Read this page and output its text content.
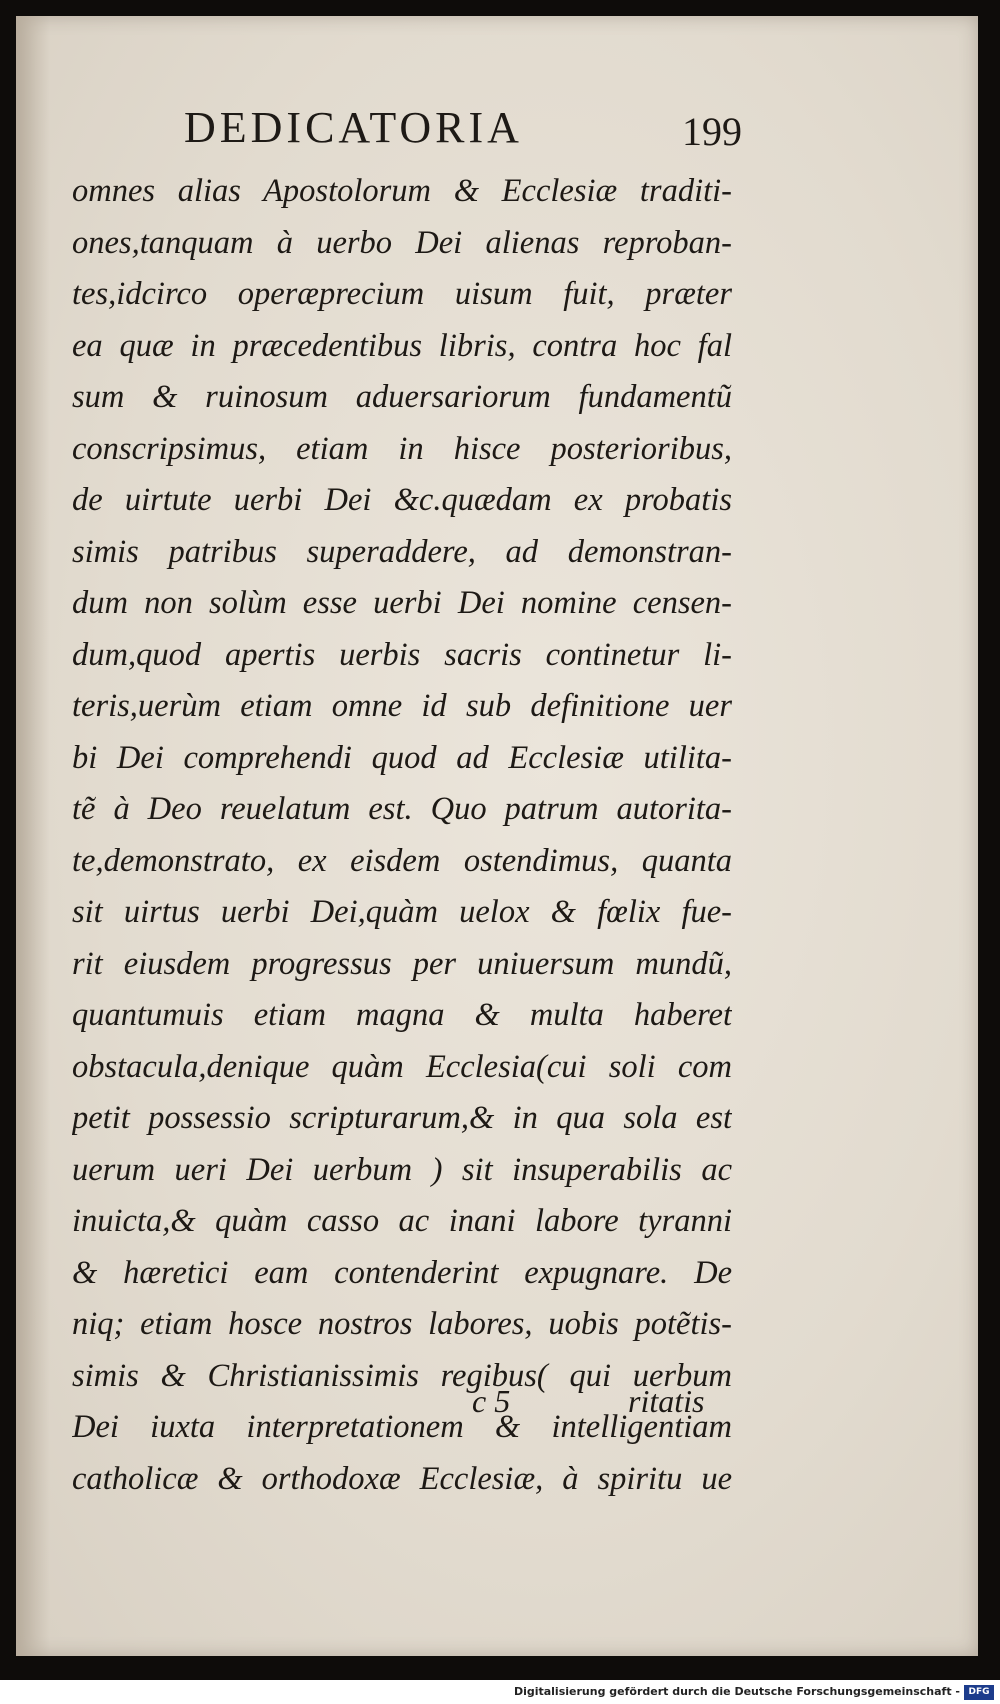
DEDICATORIA	199
omnes alias Apostolorum & Ecclesiæ traditi-
ones,tanquam à uerbo Dei alienas reproban-
tes,idcirco operæprecium uisum fuit, præter
ea quæ in præcedentibus libris, contra hoc fal
sum & ruinosum aduersariorum fundamentũ
conscripsimus, etiam in hisce posterioribus,
de uirtute uerbi Dei &c.quædam ex probatis
simis patribus superaddere, ad demonstran-
dum non solùm esse uerbi Dei nomine censen-
dum,quod apertis uerbis sacris continetur li-
teris,uerùm etiam omne id sub definitione uer
bi Dei comprehendi quod ad Ecclesiæ utilita-
tẽ à Deo reuelatum est. Quo patrum autorita-
te,demonstrato, ex eisdem ostendimus, quanta
sit uirtus uerbi Dei,quàm uelox & fœlix fue-
rit eiusdem progressus per uniuersum mundũ,
quantumuis etiam magna & multa haberet
obstacula,denique quàm Ecclesia(cui soli com
petit possessio scripturarum,& in qua sola est
uerum ueri Dei uerbum ) sit insuperabilis ac
inuicta,& quàm casso ac inani labore tyranni
& hæretici eam contenderint expugnare. De
niq; etiam hosce nostros labores, uobis potẽtis-
simis & Christianissimis regibus( qui uerbum
Dei iuxta interpretationem & intelligentiam
catholicæ & orthodoxæ Ecclesiæ, à spiritu ue
c 5	ritatis
Digitalisierung gefördert durch die Deutsche Forschungsgemeinschaft - DFG
